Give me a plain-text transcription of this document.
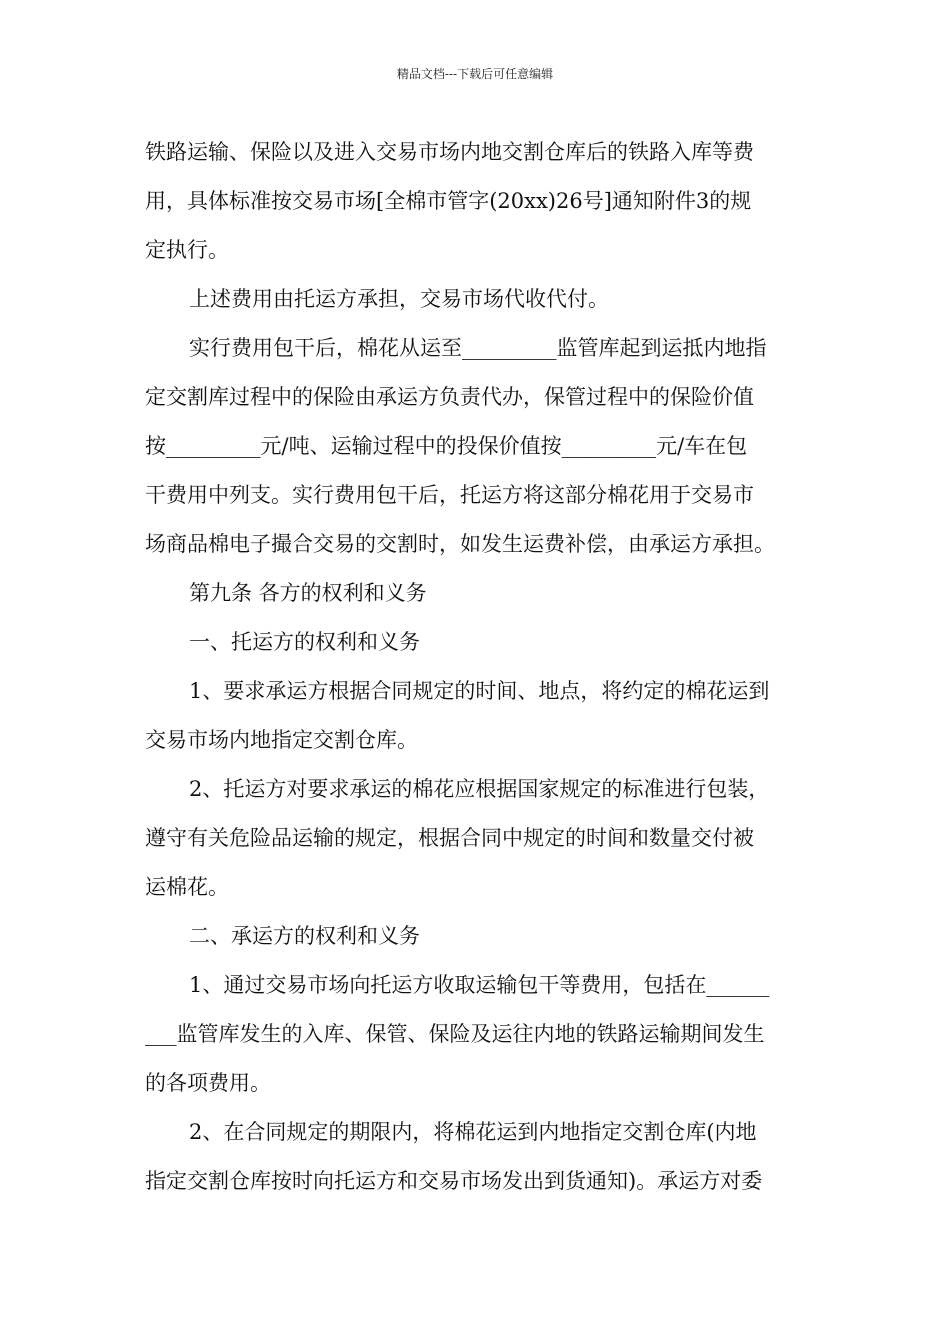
精品文档---下载后可任意编辑
铁路运输、保险以及进入交易市场内地交割仓库后的铁路入库等费
用，具体标准按交易市场[全棉市管字(20xx)26号]通知附件3的规
定执行。
上述费用由托运方承担，交易市场代收代付。
实行费用包干后，棉花从运至_________监管库起到运抵内地指
定交割库过程中的保险由承运方负责代办，保管过程中的保险价值
按_________元/吨、运输过程中的投保价值按_________元/车在包
干费用中列支。实行费用包干后，托运方将这部分棉花用于交易市
场商品棉电子撮合交易的交割时，如发生运费补偿，由承运方承担。
第九条 各方的权利和义务
一、托运方的权利和义务
1、要求承运方根据合同规定的时间、地点，将约定的棉花运到
交易市场内地指定交割仓库。
2、托运方对要求承运的棉花应根据国家规定的标准进行包装，
遵守有关危险品运输的规定，根据合同中规定的时间和数量交付被
运棉花。
二、承运方的权利和义务
1、通过交易市场向托运方收取运输包干等费用，包括在______
___监管库发生的入库、保管、保险及运往内地的铁路运输期间发生
的各项费用。
2、在合同规定的期限内，将棉花运到内地指定交割仓库(内地
指定交割仓库按时向托运方和交易市场发出到货通知)。承运方对委
